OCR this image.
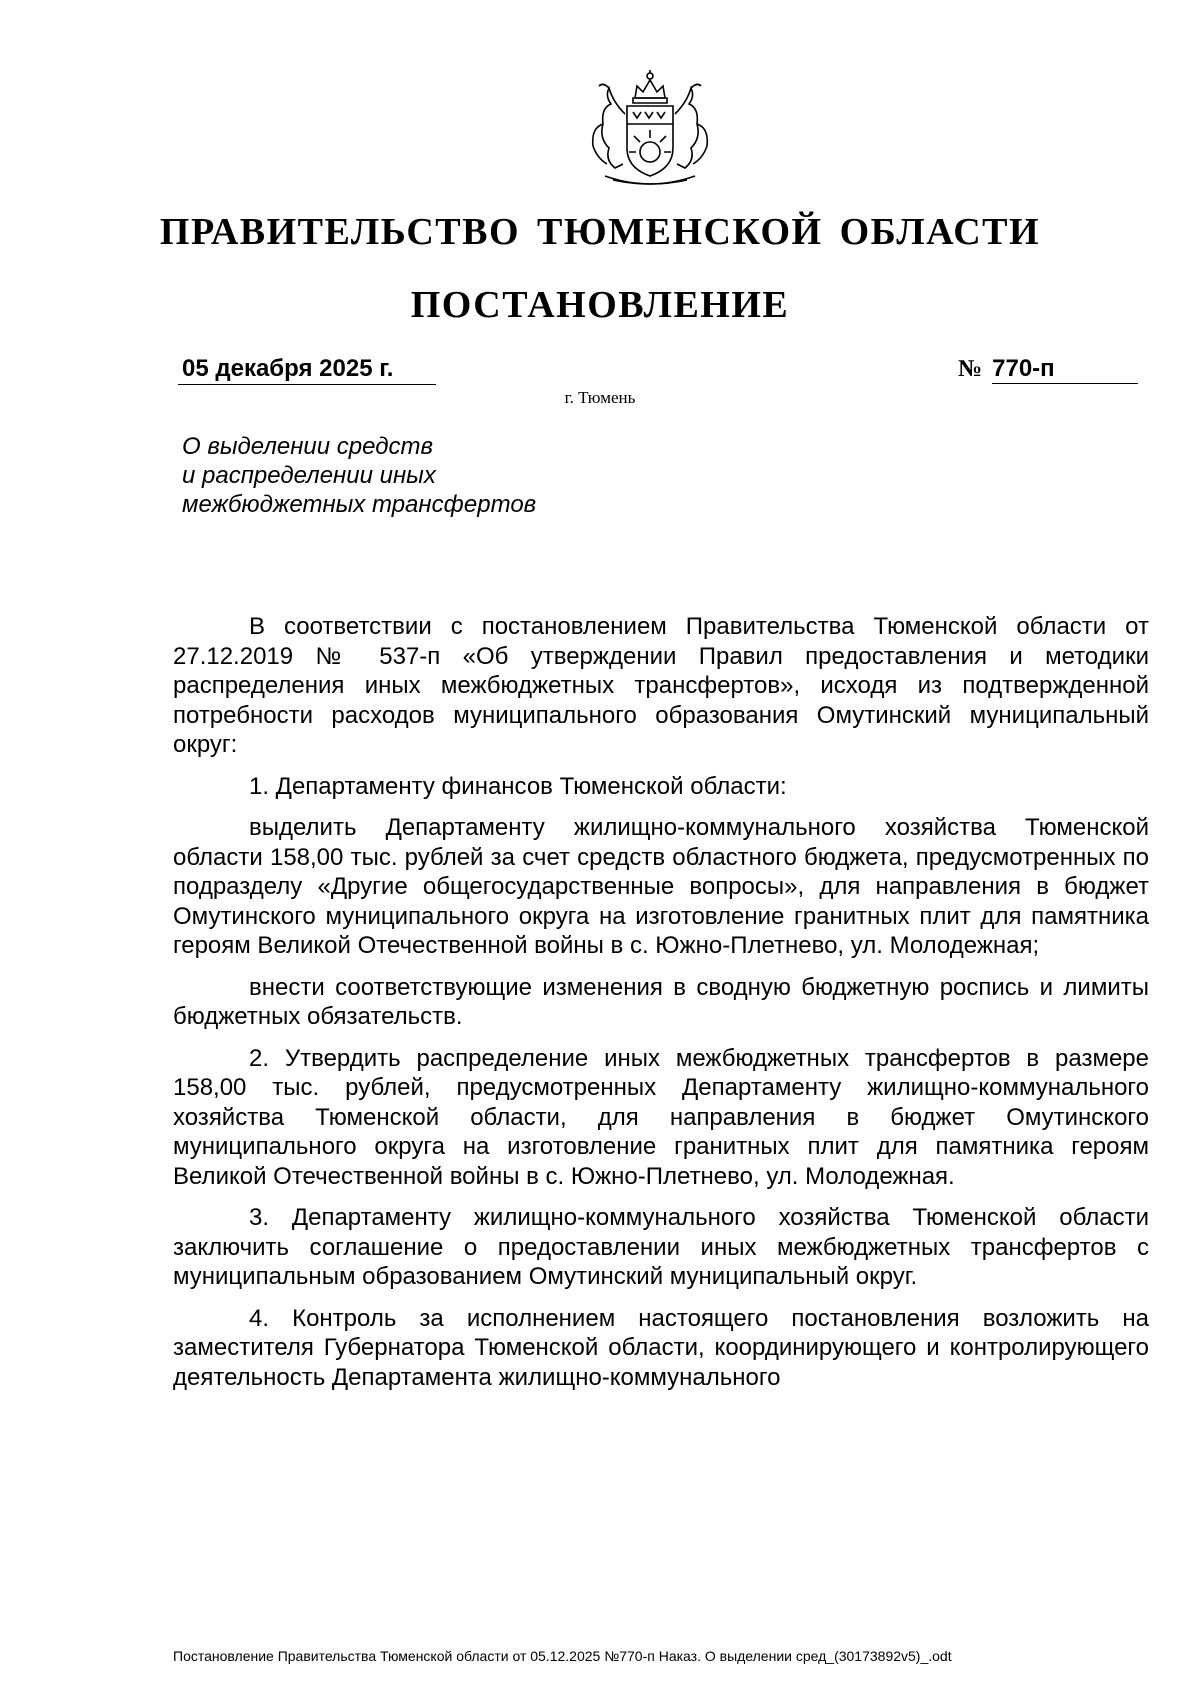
ПРАВИТЕЛЬСТВО ТЮМЕНСКОЙ ОБЛАСТИ
ПОСТАНОВЛЕНИЕ
05 декабря 2025 г.	№ 770-п
г. Тюмень
О выделении средств
и распределении иных
межбюджетных трансфертов

В соответствии с постановлением Правительства Тюменской области от 27.12.2019 № 537-п «Об утверждении Правил предоставления и методики распределения иных межбюджетных трансфертов», исходя из подтвержденной потребности расходов муниципального образования Омутинский муниципальный округ:

1. Департаменту финансов Тюменской области:

выделить Департаменту жилищно-коммунального хозяйства Тюменской области 158,00 тыс. рублей за счет средств областного бюджета, предусмотренных по подразделу «Другие общегосударственные вопросы», для направления в бюджет Омутинского муниципального округа на изготовление гранитных плит для памятника героям Великой Отечественной войны в с. Южно-Плетнево, ул. Молодежная;

внести соответствующие изменения в сводную бюджетную роспись и лимиты бюджетных обязательств.

2. Утвердить распределение иных межбюджетных трансфертов в размере 158,00 тыс. рублей, предусмотренных Департаменту жилищно-коммунального хозяйства Тюменской области, для направления в бюджет Омутинского муниципального округа на изготовление гранитных плит для памятника героям Великой Отечественной войны в с. Южно-Плетнево, ул. Молодежная.

3. Департаменту жилищно-коммунального хозяйства Тюменской области заключить соглашение о предоставлении иных межбюджетных трансфертов с муниципальным образованием Омутинский муниципальный округ.

4. Контроль за исполнением настоящего постановления возложить на заместителя Губернатора Тюменской области, координирующего и контролирующего деятельность Департамента жилищно-коммунального

Постановление Правительства Тюменской области от 05.12.2025 №770-п Наказ. О выделении сред_(30173892v5)_.odt
